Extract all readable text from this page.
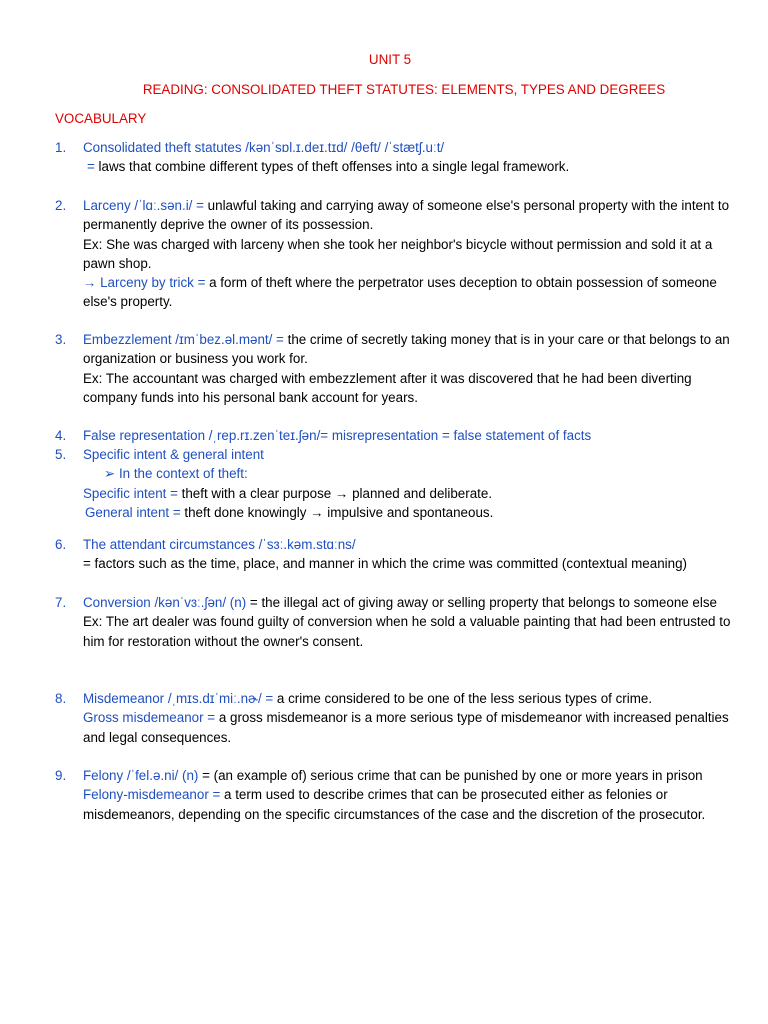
UNIT 5
READING: CONSOLIDATED THEFT STATUTES: ELEMENTS, TYPES AND DEGREES
VOCABULARY
1. Consolidated theft statutes /kənˈsɒl.ɪ.deɪ.tɪd/ /θeft/ /ˈstætʃ.uːt/
= laws that combine different types of theft offenses into a single legal framework.
2. Larceny /ˈlɑː.sən.i/ = unlawful taking and carrying away of someone else's personal property with the intent to permanently deprive the owner of its possession.
Ex: She was charged with larceny when she took her neighbor's bicycle without permission and sold it at a pawn shop.
→ Larceny by trick = a form of theft where the perpetrator uses deception to obtain possession of someone else's property.
3. Embezzlement /ɪmˈbez.əl.mənt/ = the crime of secretly taking money that is in your care or that belongs to an organization or business you work for.
Ex: The accountant was charged with embezzlement after it was discovered that he had been diverting company funds into his personal bank account for years.
4. False representation /ˌrep.rɪ.zenˈteɪ.ʃən/= misrepresentation = false statement of facts
5. Specific intent & general intent
➢ In the context of theft:
Specific intent = theft with a clear purpose → planned and deliberate.
General intent = theft done knowingly → impulsive and spontaneous.
6. The attendant circumstances /ˈsɜː.kəm.stɑːns/
= factors such as the time, place, and manner in which the crime was committed (contextual meaning)
7. Conversion /kənˈvɜː.ʃən/ (n) = the illegal act of giving away or selling property that belongs to someone else
Ex: The art dealer was found guilty of conversion when he sold a valuable painting that had been entrusted to him for restoration without the owner's consent.
8. Misdemeanor /ˌmɪs.dɪˈmiː.nɚ/ = a crime considered to be one of the less serious types of crime.
Gross misdemeanor = a gross misdemeanor is a more serious type of misdemeanor with increased penalties and legal consequences.
9. Felony /ˈfel.ə.ni/ (n) = (an example of) serious crime that can be punished by one or more years in prison
Felony-misdemeanor = a term used to describe crimes that can be prosecuted either as felonies or misdemeanors, depending on the specific circumstances of the case and the discretion of the prosecutor.
